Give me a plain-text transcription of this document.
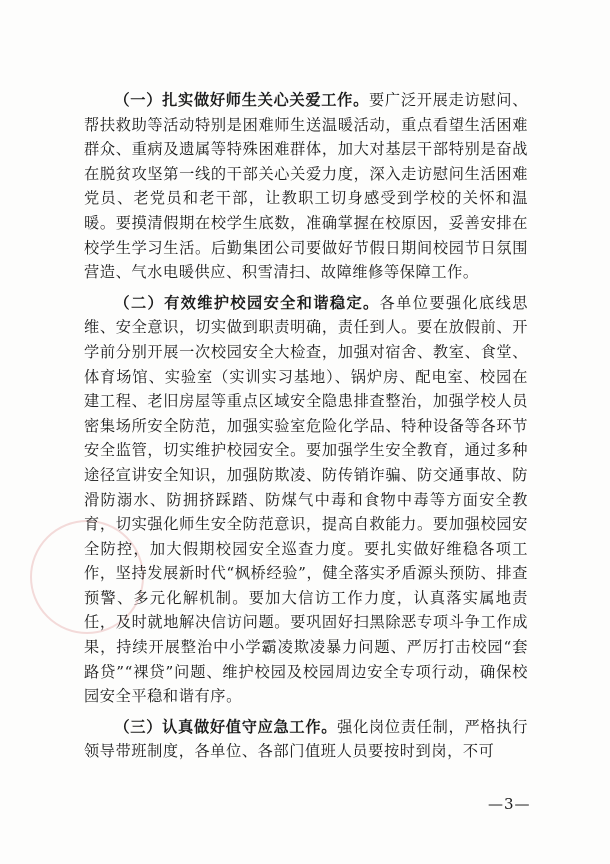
（一）扎实做好师生关心关爱工作。要广泛开展走访慰问、帮扶救助等活动特别是困难师生送温暖活动，重点看望生活困难群众、重病及遗属等特殊困难群体，加大对基层干部特别是奋战在脱贫攻坚第一线的干部关心关爱力度，深入走访慰问生活困难党员、老党员和老干部，让教职工切身感受到学校的关怀和温暖。要摸清假期在校学生底数，准确掌握在校原因，妥善安排在校学生学习生活。后勤集团公司要做好节假日期间校园节日氛围营造、气水电暖供应、积雪清扫、故障维修等保障工作。

（二）有效维护校园安全和谐稳定。各单位要强化底线思维、安全意识，切实做到职责明确，责任到人。要在放假前、开学前分别开展一次校园安全大检查，加强对宿舍、教室、食堂、体育场馆、实验室（实训实习基地）、锅炉房、配电室、校园在建工程、老旧房屋等重点区域安全隐患排查整治，加强学校人员密集场所安全防范，加强实验室危险化学品、特种设备等各环节安全监管，切实维护校园安全。要加强学生安全教育，通过多种途径宣讲安全知识，加强防欺凌、防传销诈骗、防交通事故、防滑防溺水、防拥挤踩踏、防煤气中毒和食物中毒等方面安全教育，切实强化师生安全防范意识，提高自救能力。要加强校园安全防控，加大假期校园安全巡查力度。要扎实做好维稳各项工作，坚持发展新时代“枫桥经验”，健全落实矛盾源头预防、排查预警、多元化解机制。要加大信访工作力度，认真落实属地责任，及时就地解决信访问题。要巩固好扫黑除恶专项斗争工作成果，持续开展整治中小学霸凌欺凌暴力问题、严厉打击校园“套路贷”“裸贷”问题、维护校园及校园周边安全专项行动，确保校园安全平稳和谐有序。

（三）认真做好值守应急工作。强化岗位责任制，严格执行领导带班制度，各单位、各部门值班人员要按时到岗，不可

—3—
